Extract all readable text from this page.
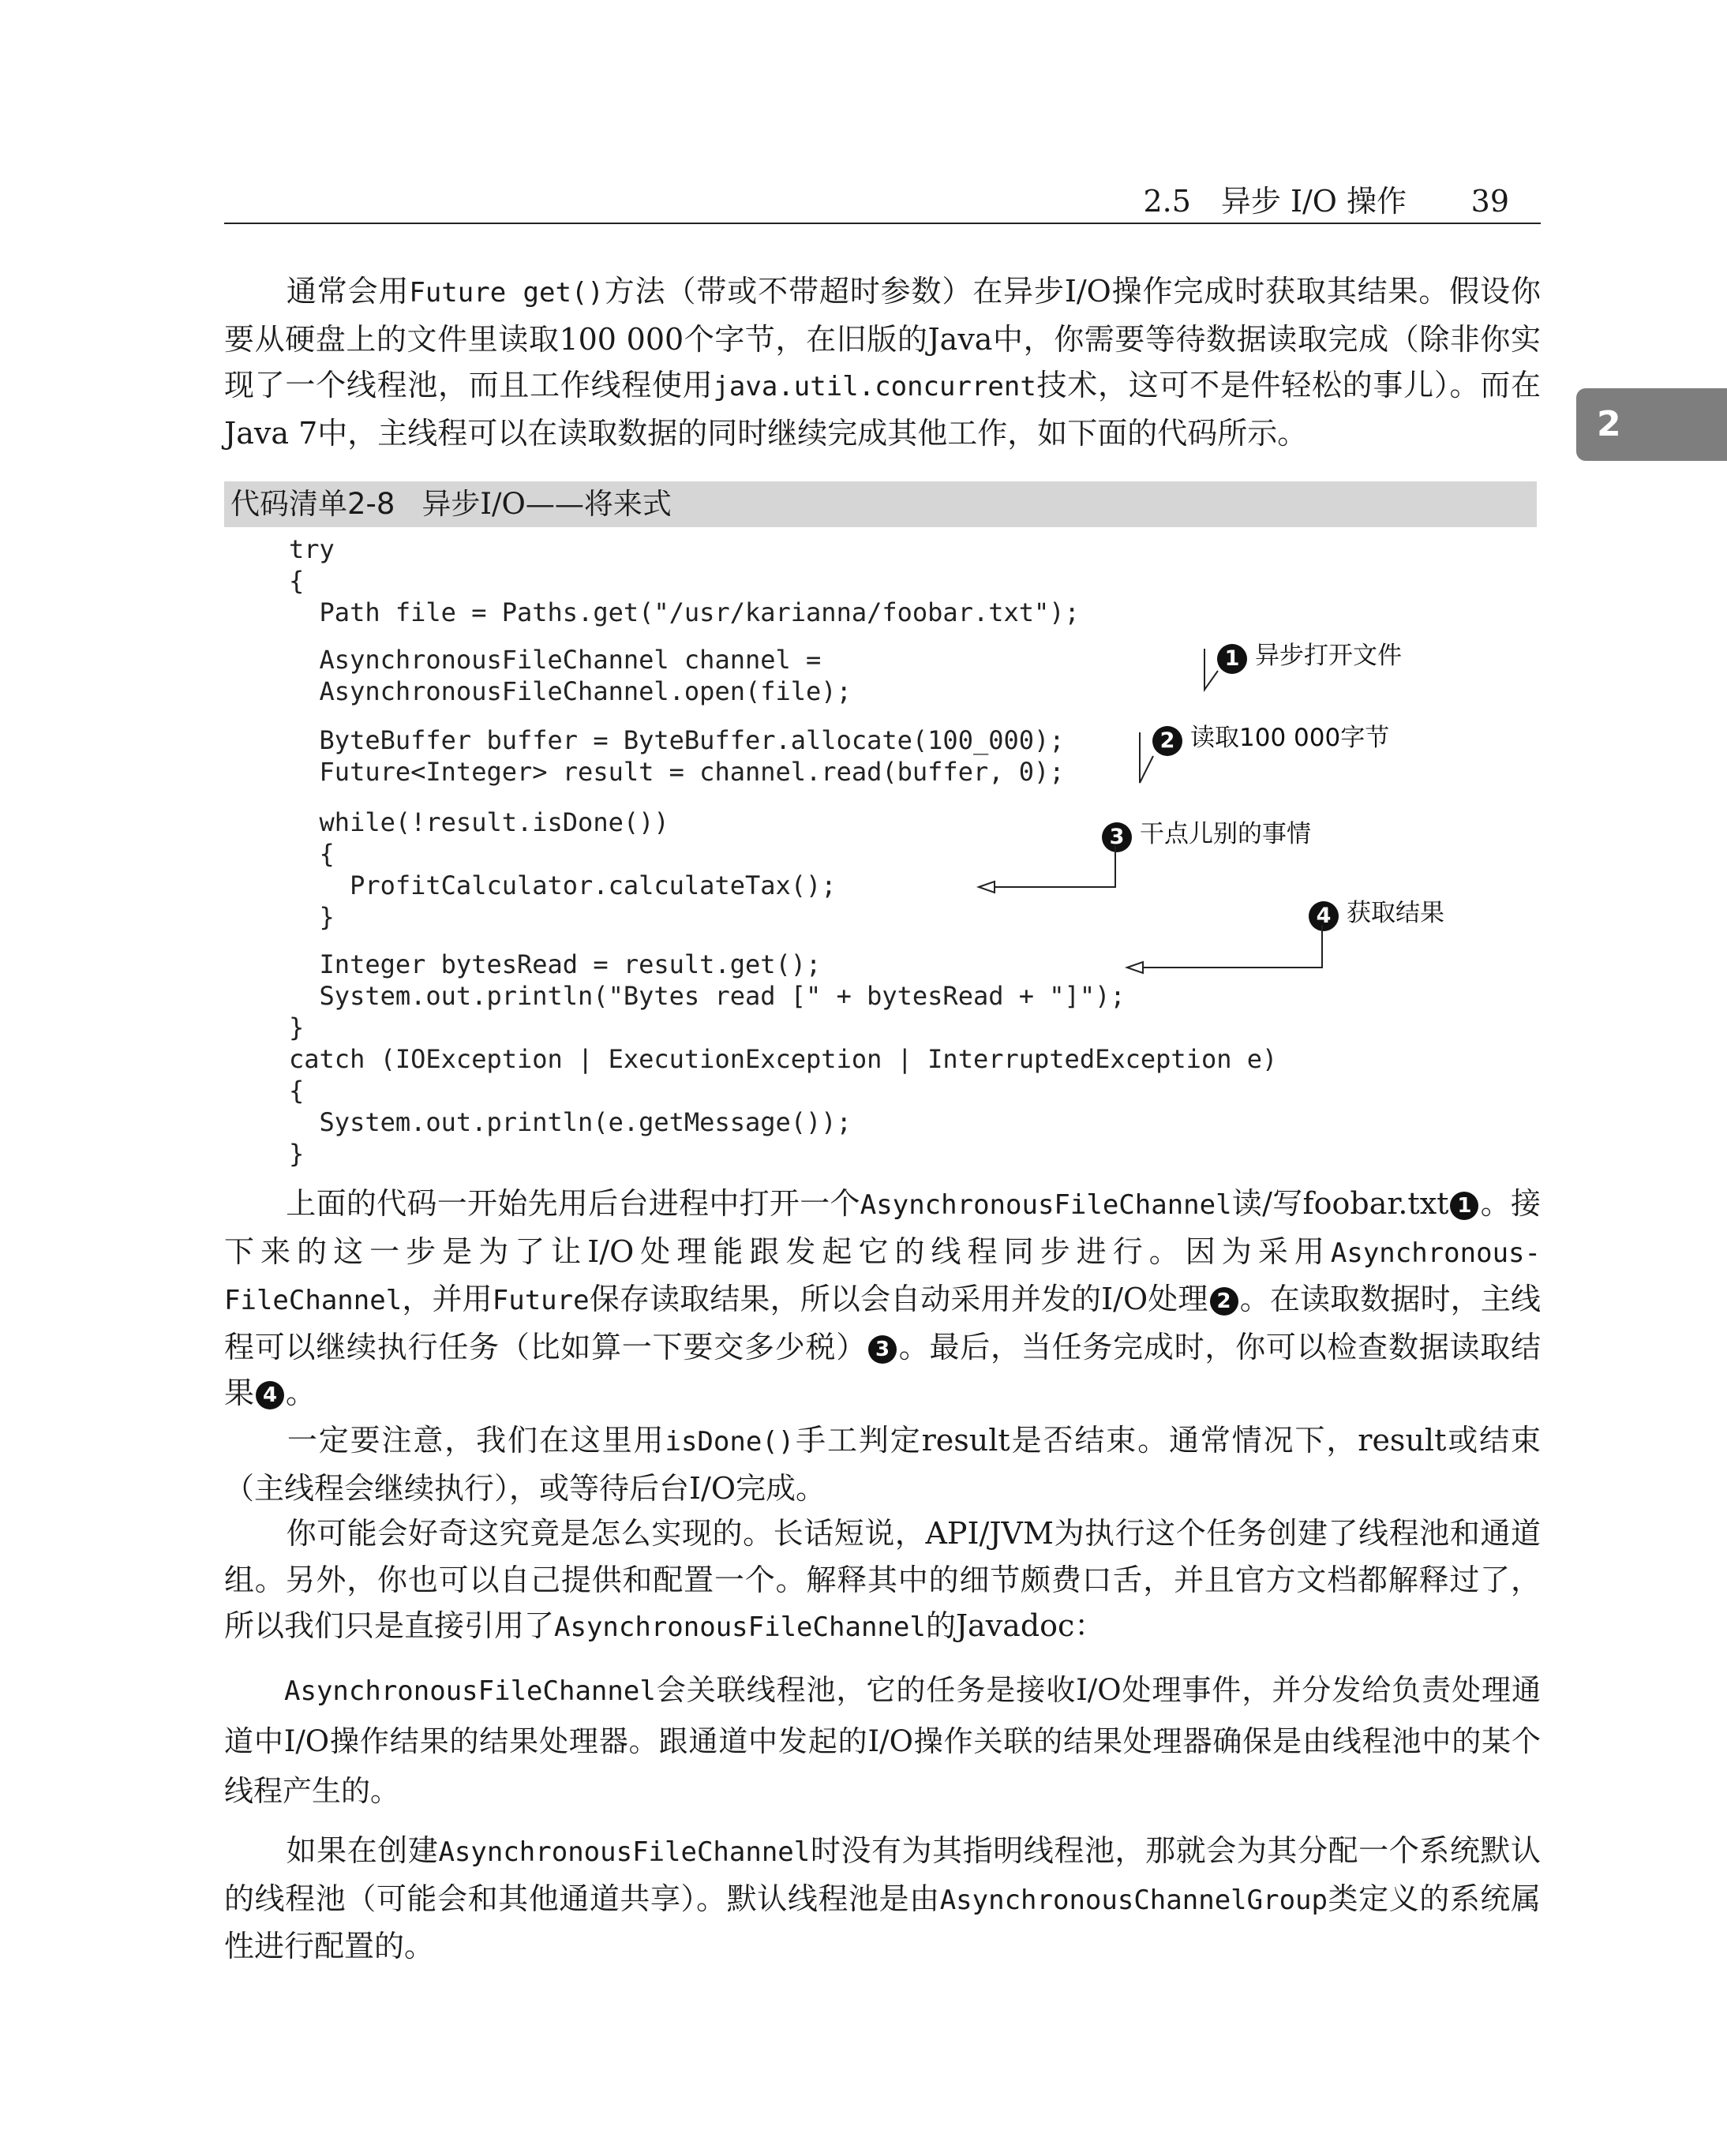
2.5　异步 I/O 操作 39
2

通常会用Future get()方法（带或不带超时参数）在异步I/O操作完成时获取其结果。假设你要从硬盘上的文件里读取100 000个字节，在旧版的Java中，你需要等待数据读取完成（除非你实现了一个线程池，而且工作线程使用java.util.concurrent技术，这可不是件轻松的事儿）。而在Java 7中，主线程可以在读取数据的同时继续完成其他工作，如下面的代码所示。

代码清单2-8 异步I/O——将来式
try
{
Path file = Paths.get("/usr/karianna/foobar.txt");
AsynchronousFileChannel channel =
AsynchronousFileChannel.open(file);
ByteBuffer buffer = ByteBuffer.allocate(100_000);
Future<Integer> result = channel.read(buffer, 0);
while(!result.isDone())
{
ProfitCalculator.calculateTax();
}
Integer bytesRead = result.get();
System.out.println("Bytes read [" + bytesRead + "]");
}
catch (IOException | ExecutionException | InterruptedException e)
{
System.out.println(e.getMessage());
}
1 异步打开文件
2 读取100 000字节
3 干点儿别的事情
4 获取结果

上面的代码一开始先用后台进程中打开一个AsynchronousFileChannel读/写foobar.txt 1 。接下来的这一步是为了让I/O处理能跟发起它的线程同步进行。因为采用Asynchronous-FileChannel，并用Future保存读取结果，所以会自动采用并发的I/O处理 2 。在读取数据时，主线程可以继续执行任务（比如算一下要交多少税） 3 。最后，当任务完成时，你可以检查数据读取结果 4 。

一定要注意，我们在这里用isDone()手工判定result是否结束。通常情况下，result或结束（主线程会继续执行），或等待后台I/O完成。

你可能会好奇这究竟是怎么实现的。长话短说，API/JVM为执行这个任务创建了线程池和通道组。另外，你也可以自己提供和配置一个。解释其中的细节颇费口舌，并且官方文档都解释过了，所以我们只是直接引用了AsynchronousFileChannel的Javadoc：

AsynchronousFileChannel会关联线程池，它的任务是接收I/O处理事件，并分发给负责处理通道中I/O操作结果的结果处理器。跟通道中发起的I/O操作关联的结果处理器确保是由线程池中的某个线程产生的。

如果在创建AsynchronousFileChannel时没有为其指明线程池，那就会为其分配一个系统默认的线程池（可能会和其他通道共享）。默认线程池是由AsynchronousChannelGroup类定义的系统属性进行配置的。
